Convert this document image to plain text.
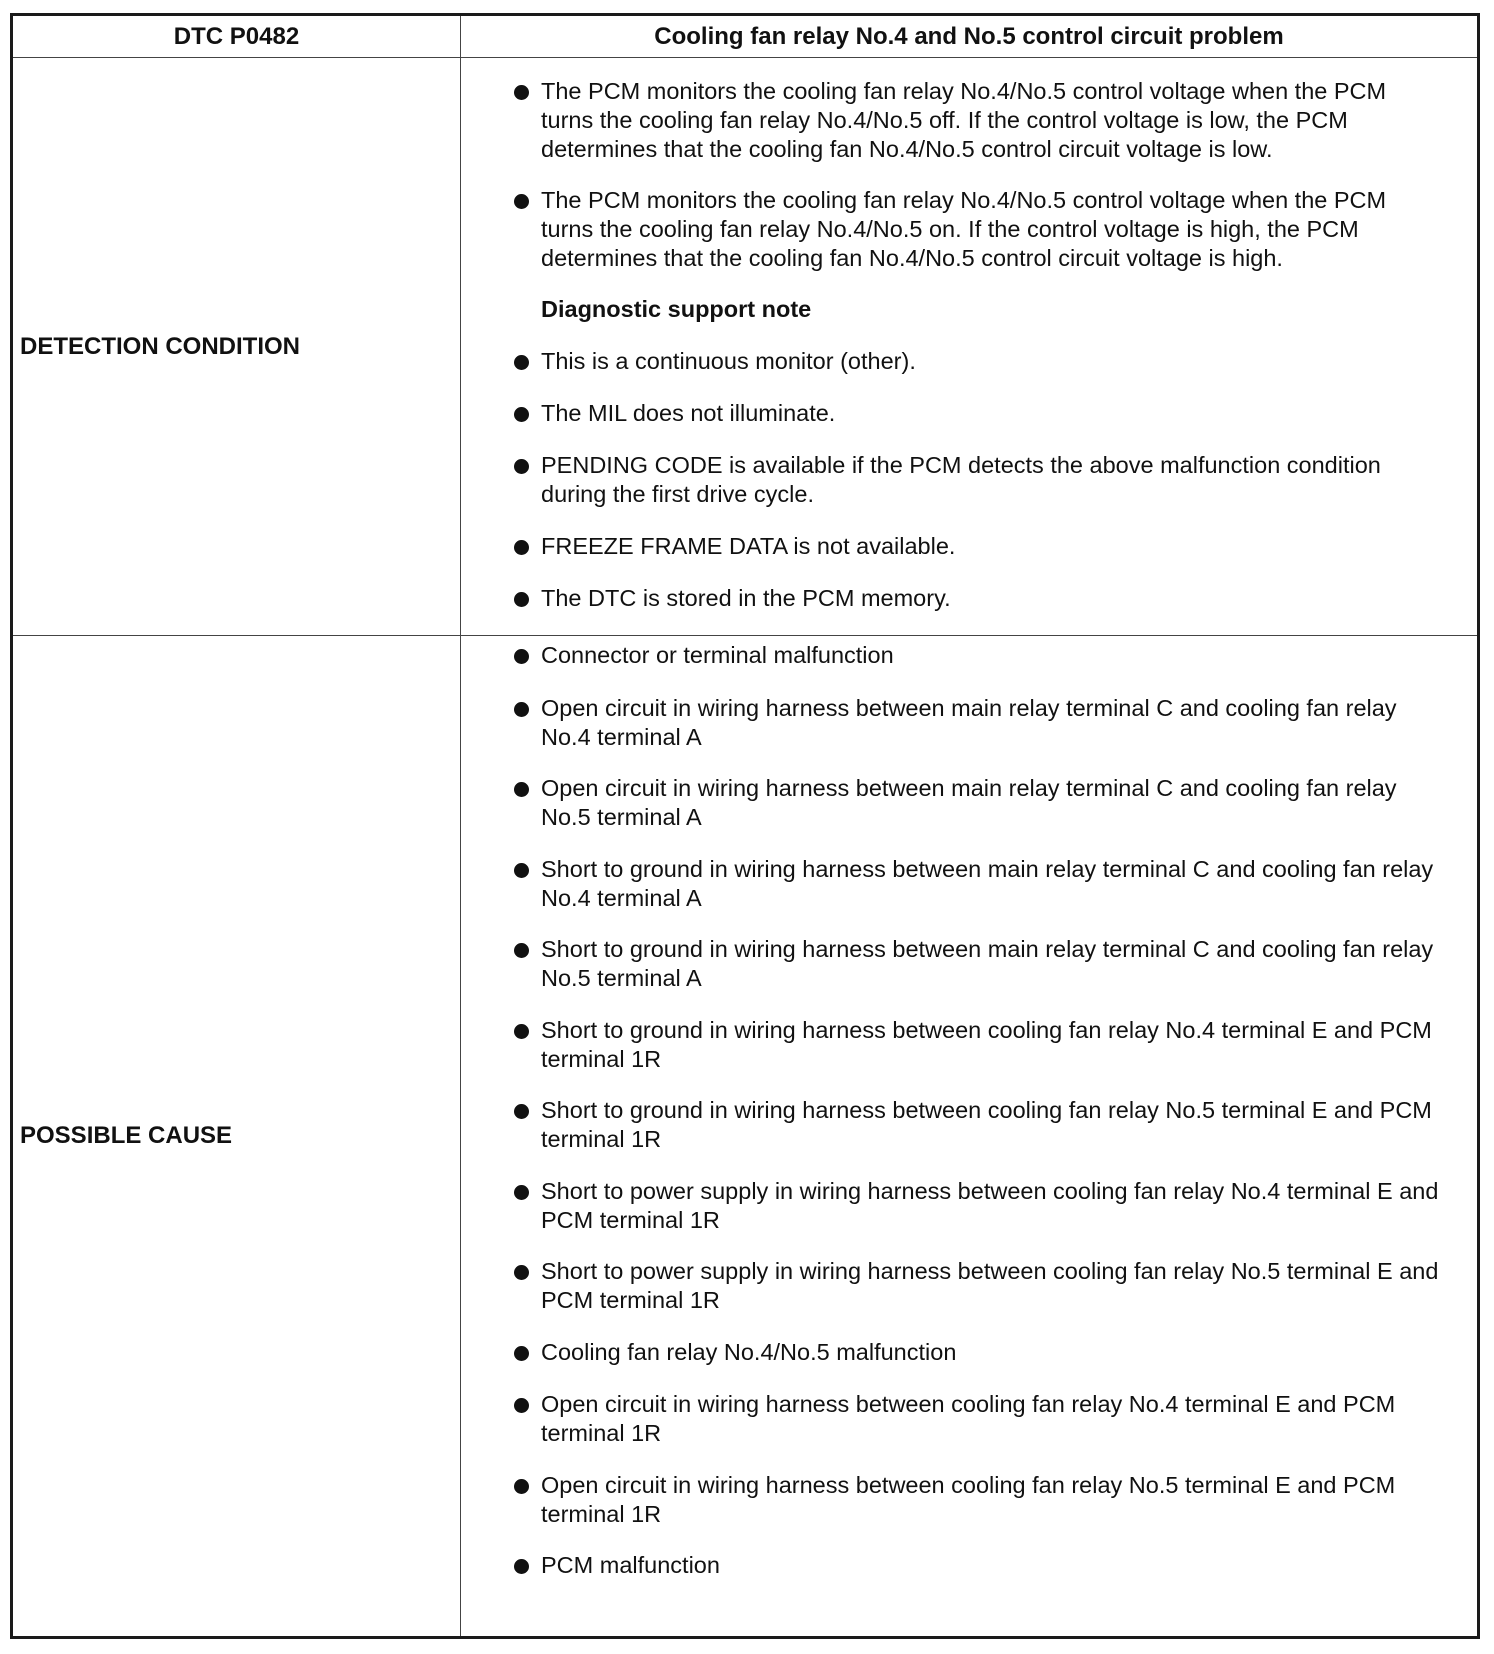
DTC P0482	Cooling fan relay No.4 and No.5 control circuit problem
DETECTION CONDITION
The PCM monitors the cooling fan relay No.4/No.5 control voltage when the PCM turns the cooling fan relay No.4/No.5 off. If the control voltage is low, the PCM determines that the cooling fan No.4/No.5 control circuit voltage is low.
The PCM monitors the cooling fan relay No.4/No.5 control voltage when the PCM turns the cooling fan relay No.4/No.5 on. If the control voltage is high, the PCM determines that the cooling fan No.4/No.5 control circuit voltage is high.
Diagnostic support note
This is a continuous monitor (other).
The MIL does not illuminate.
PENDING CODE is available if the PCM detects the above malfunction condition during the first drive cycle.
FREEZE FRAME DATA is not available.
The DTC is stored in the PCM memory.
POSSIBLE CAUSE
Connector or terminal malfunction
Open circuit in wiring harness between main relay terminal C and cooling fan relay No.4 terminal A
Open circuit in wiring harness between main relay terminal C and cooling fan relay No.5 terminal A
Short to ground in wiring harness between main relay terminal C and cooling fan relay No.4 terminal A
Short to ground in wiring harness between main relay terminal C and cooling fan relay No.5 terminal A
Short to ground in wiring harness between cooling fan relay No.4 terminal E and PCM terminal 1R
Short to ground in wiring harness between cooling fan relay No.5 terminal E and PCM terminal 1R
Short to power supply in wiring harness between cooling fan relay No.4 terminal E and PCM terminal 1R
Short to power supply in wiring harness between cooling fan relay No.5 terminal E and PCM terminal 1R
Cooling fan relay No.4/No.5 malfunction
Open circuit in wiring harness between cooling fan relay No.4 terminal E and PCM terminal 1R
Open circuit in wiring harness between cooling fan relay No.5 terminal E and PCM terminal 1R
PCM malfunction
